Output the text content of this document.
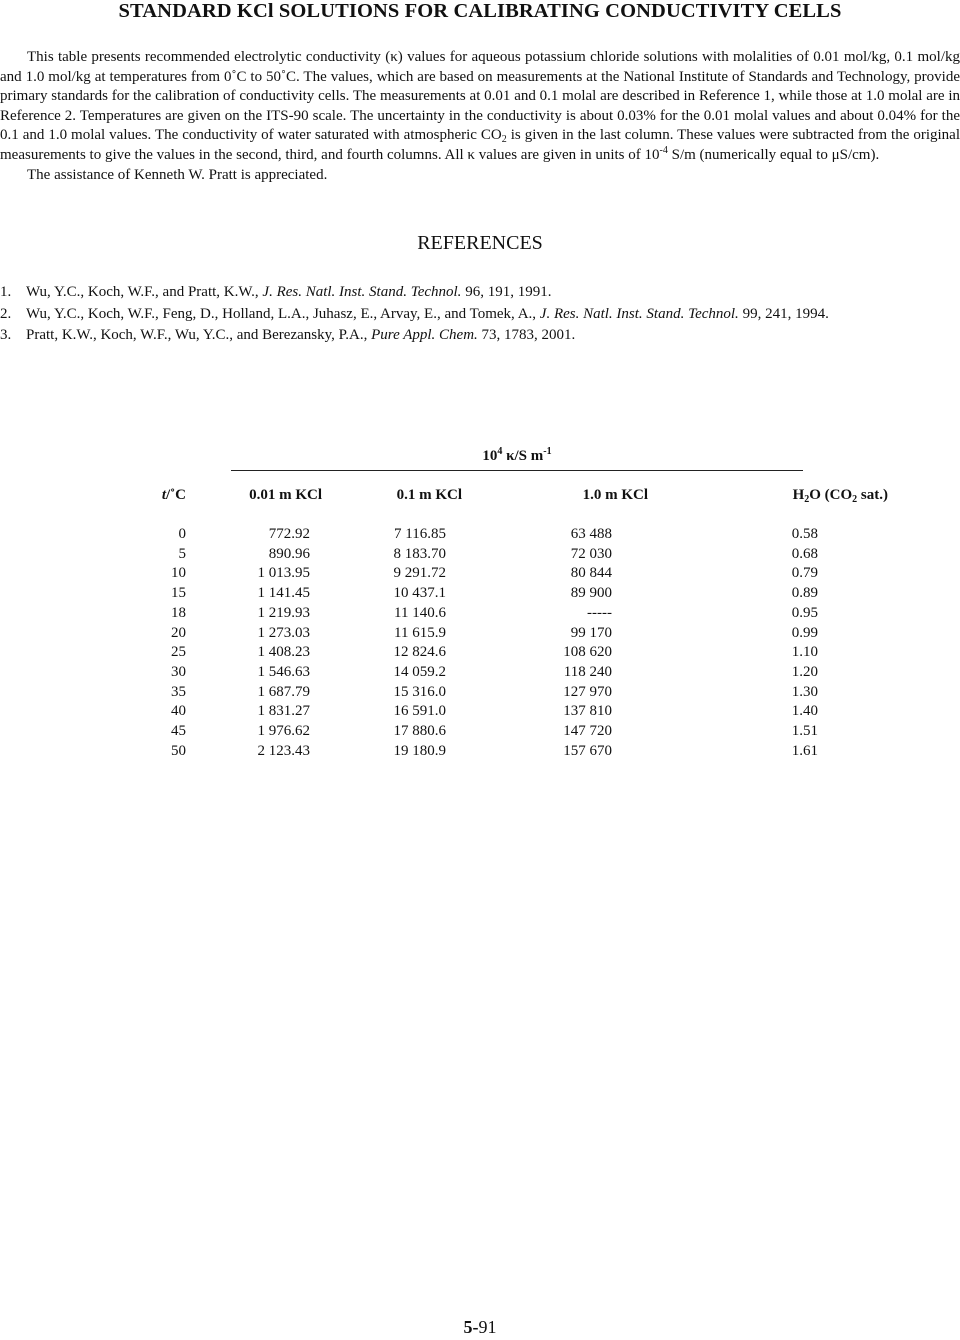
STANDARD KCl SOLUTIONS FOR CALIBRATING CONDUCTIVITY CELLS

This table presents recommended electrolytic conductivity (κ) values for aqueous potassium chloride solutions with molalities of 0.01 mol/kg, 0.1 mol/kg and 1.0 mol/kg at temperatures from 0˚C to 50˚C. The values, which are based on measurements at the National Institute of Standards and Technology, provide primary standards for the calibration of conductivity cells. The measurements at 0.01 and 0.1 molal are described in Reference 1, while those at 1.0 molal are in Reference 2. Temperatures are given on the ITS-90 scale. The uncertainty in the conductivity is about 0.03% for the 0.01 molal values and about 0.04% for the 0.1 and 1.0 molal values. The conductivity of water saturated with atmospheric $CO_2$ is given in the last column. These values were subtracted from the original measurements to give the values in the second, third, and fourth columns. All κ values are given in units of $10^{-4}$ S/m (numerically equal to μS/cm).

The assistance of Kenneth W. Pratt is appreciated.

REFERENCES
1. Wu, Y.C., Koch, W.F., and Pratt, K.W., J. Res. Natl. Inst. Stand. Technol. 96, 191, 1991.
2. Wu, Y.C., Koch, W.F., Feng, D., Holland, L.A., Juhasz, E., Arvay, E., and Tomek, A., J. Res. Natl. Inst. Stand. Technol. 99, 241, 1994.
3. Pratt, K.W., Koch, W.F., Wu, Y.C., and Berezansky, P.A., Pure Appl. Chem. 73, 1783, 2001.
$10^4$ κ/S $m^{-1}$
t/˚C	0.01 m KCl	0.1 m KCl	1.0 m KCl	$H_2O$ ($CO_2$ sat.)
0	772.92	7 116.85	63 488	0.58
5	890.96	8 183.70	72 030	0.68
10	1 013.95	9 291.72	80 844	0.79
15	1 141.45	10 437.1	89 900	0.89
18	1 219.93	11 140.6	-----	0.95
20	1 273.03	11 615.9	99 170	0.99
25	1 408.23	12 824.6	108 620	1.10
30	1 546.63	14 059.2	118 240	1.20
35	1 687.79	15 316.0	127 970	1.30
40	1 831.27	16 591.0	137 810	1.40
45	1 976.62	17 880.6	147 720	1.51
50	2 123.43	19 180.9	157 670	1.61
5-91
